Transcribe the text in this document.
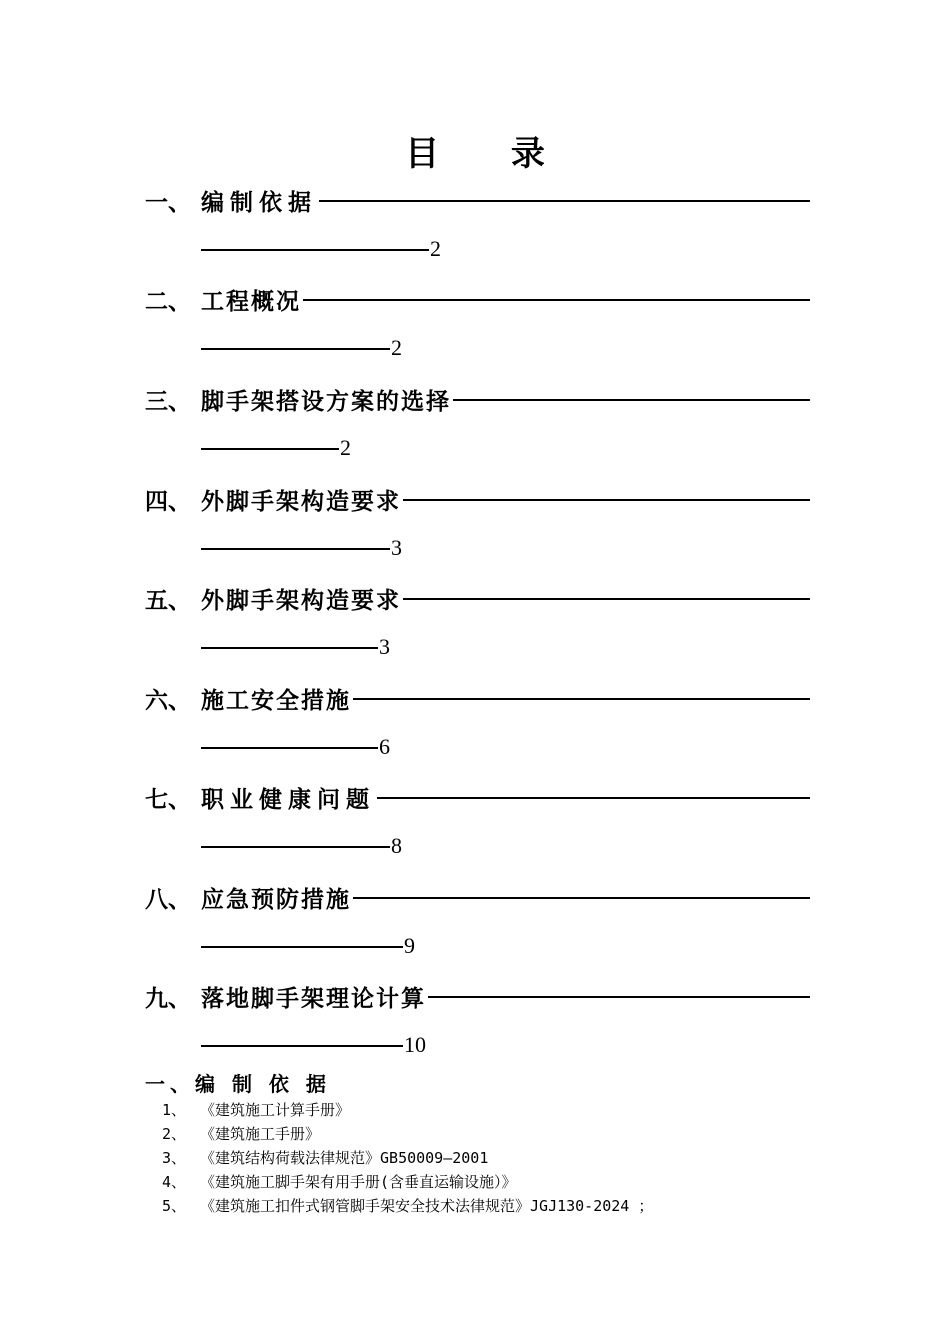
目 录
一、 编制依据
2
二、 工程概况
2
三、 脚手架搭设方案的选择
2
四、 外脚手架构造要求
3
五、 外脚手架构造要求
3
六、 施工安全措施
6
七、 职业健康问题
8
八、 应急预防措施
9
九、 落地脚手架理论计算
10
一、编 制 依 据
1、 《建筑施工计算手册》
2、 《建筑施工手册》
3、 《建筑结构荷载法律规范》GB50009—2001
4、 《建筑施工脚手架有用手册(含垂直运输设施）》
5、 《建筑施工扣件式钢管脚手架安全技术法律规范》JGJ130-2024 ；
